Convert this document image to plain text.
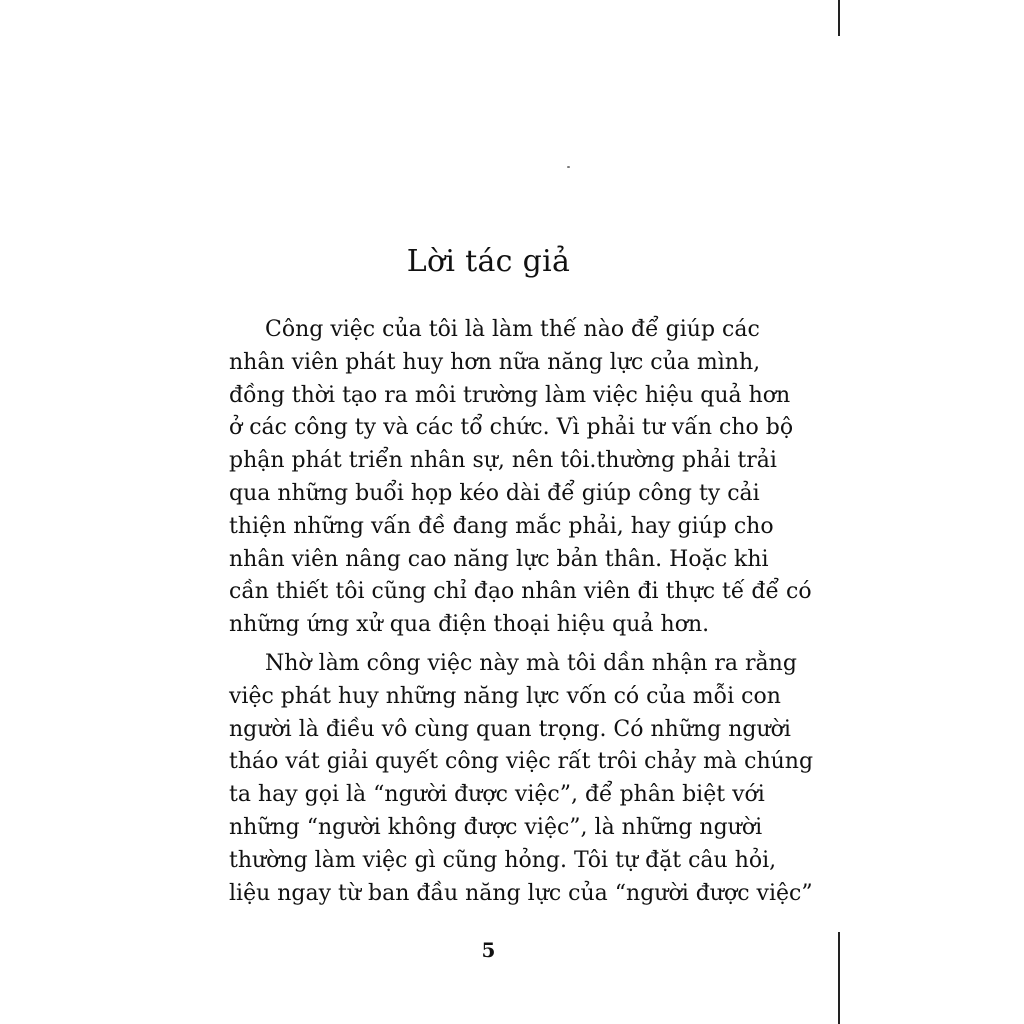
Lời tác giả

Công việc của tôi là làm thế nào để giúp các
nhân viên phát huy hơn nữa năng lực của mình,
đồng thời tạo ra môi trường làm việc hiệu quả hơn
ở các công ty và các tổ chức. Vì phải tư vấn cho bộ
phận phát triển nhân sự, nên tôi.thường phải trải
qua những buổi họp kéo dài để giúp công ty cải
thiện những vấn đề đang mắc phải, hay giúp cho
nhân viên nâng cao năng lực bản thân. Hoặc khi
cần thiết tôi cũng chỉ đạo nhân viên đi thực tế để có
những ứng xử qua điện thoại hiệu quả hơn.

Nhờ làm công việc này mà tôi dần nhận ra rằng
việc phát huy những năng lực vốn có của mỗi con
người là điều vô cùng quan trọng. Có những người
tháo vát giải quyết công việc rất trôi chảy mà chúng
ta hay gọi là “người được việc”, để phân biệt với
những “người không được việc”, là những người
thường làm việc gì cũng hỏng. Tôi tự đặt câu hỏi,
liệu ngay từ ban đầu năng lực của “người được việc”

5
